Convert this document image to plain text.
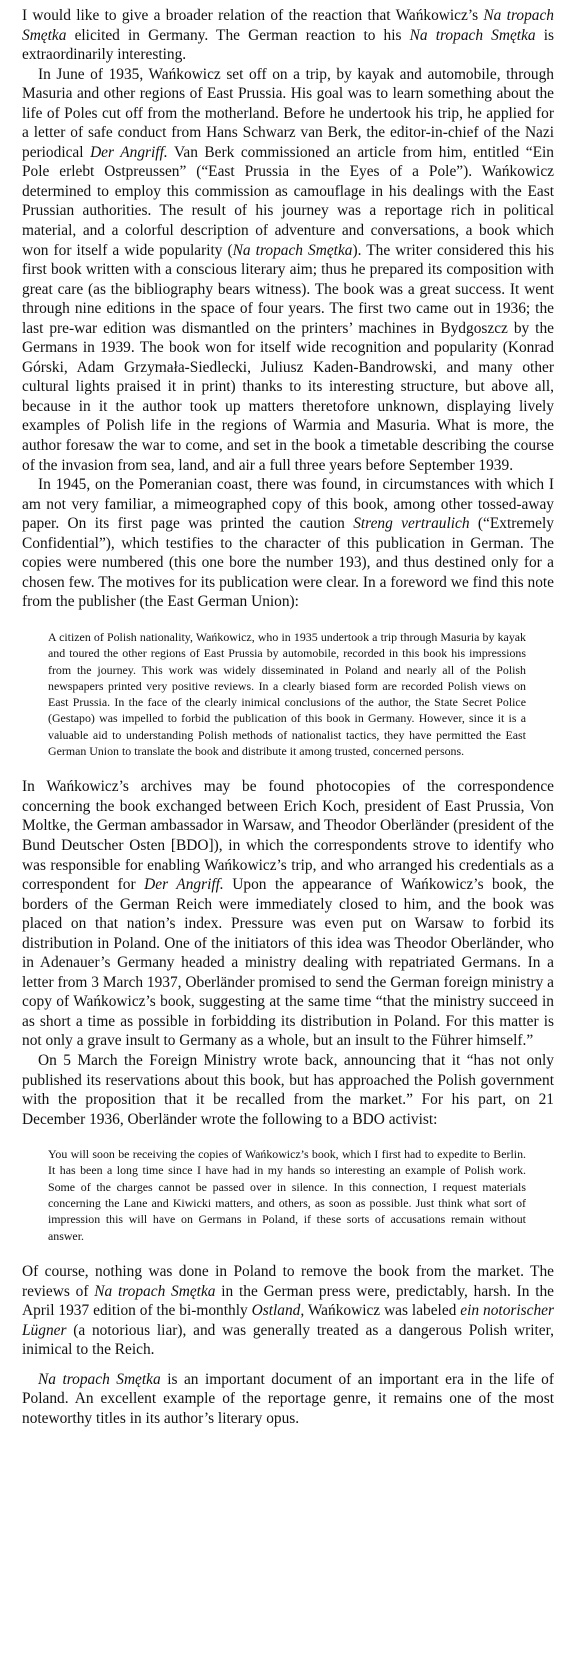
I would like to give a broader relation of the reaction that Wańkowicz’s Na tropach Smętka elicited in Germany. The German reaction to his Na tropach Smętka is extraordinarily interesting.

In June of 1935, Wańkowicz set off on a trip, by kayak and automobile, through Masuria and other regions of East Prussia. His goal was to learn something about the life of Poles cut off from the motherland. Before he undertook his trip, he applied for a letter of safe conduct from Hans Schwarz van Berk, the editor-in-chief of the Nazi periodical Der Angriff. Van Berk commissioned an article from him, entitled “Ein Pole erlebt Ostpreussen” (“East Prussia in the Eyes of a Pole”). Wańkowicz determined to employ this commission as camouflage in his dealings with the East Prussian authorities. The result of his journey was a reportage rich in political material, and a colorful description of adventure and conversations, a book which won for itself a wide popularity (Na tropach Smętka). The writer considered this his first book written with a conscious literary aim; thus he prepared its composition with great care (as the bibliography bears witness). The book was a great success. It went through nine editions in the space of four years. The first two came out in 1936; the last pre-war edition was dismantled on the printers’ machines in Bydgoszcz by the Germans in 1939. The book won for itself wide recognition and popularity (Konrad Górski, Adam Grzymała-Siedlecki, Juliusz Kaden-Bandrowski, and many other cultural lights praised it in print) thanks to its interesting structure, but above all, because in it the author took up matters theretofore unknown, displaying lively examples of Polish life in the regions of Warmia and Masuria. What is more, the author foresaw the war to come, and set in the book a timetable describing the course of the invasion from sea, land, and air a full three years before September 1939.

In 1945, on the Pomeranian coast, there was found, in circumstances with which I am not very familiar, a mimeographed copy of this book, among other tossed-away paper. On its first page was printed the caution Streng vertraulich (“Extremely Confidential”), which testifies to the character of this publication in German. The copies were numbered (this one bore the number 193), and thus destined only for a chosen few. The motives for its publication were clear. In a foreword we find this note from the publisher (the East German Union):

A citizen of Polish nationality, Wańkowicz, who in 1935 undertook a trip through Masuria by kayak and toured the other regions of East Prussia by automobile, recorded in this book his impressions from the journey. This work was widely disseminated in Poland and nearly all of the Polish newspapers printed very positive reviews. In a clearly biased form are recorded Polish views on East Prussia. In the face of the clearly inimical conclusions of the author, the State Secret Police (Gestapo) was impelled to forbid the publication of this book in Germany. However, since it is a valuable aid to understanding Polish methods of nationalist tactics, they have permitted the East German Union to translate the book and distribute it among trusted, concerned persons.

In Wańkowicz’s archives may be found photocopies of the correspondence concerning the book exchanged between Erich Koch, president of East Prussia, Von Moltke, the German ambassador in Warsaw, and Theodor Oberländer (president of the Bund Deutscher Osten [BDO]), in which the correspondents strove to identify who was responsible for enabling Wańkowicz’s trip, and who arranged his credentials as a correspondent for Der Angriff. Upon the appearance of Wańkowicz’s book, the borders of the German Reich were immediately closed to him, and the book was placed on that nation’s index. Pressure was even put on Warsaw to forbid its distribution in Poland. One of the initiators of this idea was Theodor Oberländer, who in Adenauer’s Germany headed a ministry dealing with repatriated Germans. In a letter from 3 March 1937, Oberländer promised to send the German foreign ministry a copy of Wańkowicz’s book, suggesting at the same time “that the ministry succeed in as short a time as possible in forbidding its distribution in Poland. For this matter is not only a grave insult to Germany as a whole, but an insult to the Führer himself.”

On 5 March the Foreign Ministry wrote back, announcing that it “has not only published its reservations about this book, but has approached the Polish government with the proposition that it be recalled from the market.” For his part, on 21 December 1936, Oberländer wrote the following to a BDO activist:

You will soon be receiving the copies of Wańkowicz’s book, which I first had to expedite to Berlin. It has been a long time since I have had in my hands so interesting an example of Polish work. Some of the charges cannot be passed over in silence. In this connection, I request materials concerning the Lane and Kiwicki matters, and others, as soon as possible. Just think what sort of impression this will have on Germans in Poland, if these sorts of accusations remain without answer.

Of course, nothing was done in Poland to remove the book from the market. The reviews of Na tropach Smętka in the German press were, predictably, harsh. In the April 1937 edition of the bi-monthly Ostland, Wańkowicz was labeled ein notorischer Lügner (a notorious liar), and was generally treated as a dangerous Polish writer, inimical to the Reich.

Na tropach Smętka is an important document of an important era in the life of Poland. An excellent example of the reportage genre, it remains one of the most noteworthy titles in its author’s literary opus.
